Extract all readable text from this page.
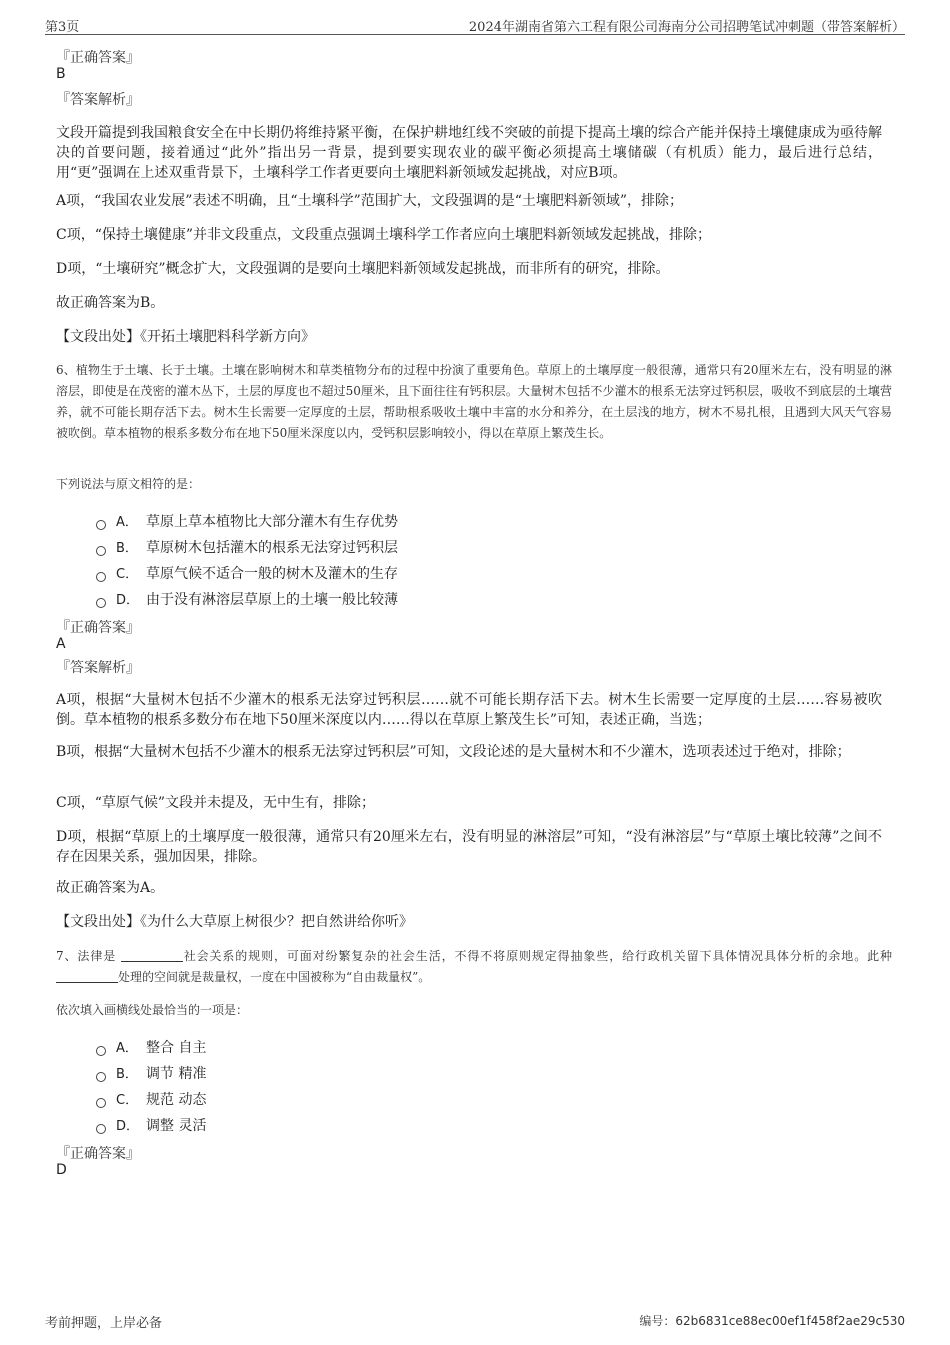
第3页	2024年湖南省第六工程有限公司海南分公司招聘笔试冲刺题（带答案解析）
『正确答案』
B
『答案解析』
文段开篇提到我国粮食安全在中长期仍将维持紧平衡，在保护耕地红线不突破的前提下提高土壤的综合产能并保持土壤健康成为亟待解决的首要问题，接着通过“此外”指出另一背景，提到要实现农业的碳平衡必须提高土壤储碳（有机质）能力，最后进行总结，用“更”强调在上述双重背景下，土壤科学工作者更要向土壤肥料新领域发起挑战，对应B项。
A项，“我国农业发展”表述不明确，且“土壤科学”范围扩大，文段强调的是“土壤肥料新领域”，排除；
C项，“保持土壤健康”并非文段重点，文段重点强调土壤科学工作者应向土壤肥料新领域发起挑战，排除；
D项，“土壤研究”概念扩大，文段强调的是要向土壤肥料新领域发起挑战，而非所有的研究，排除。
故正确答案为B。
【文段出处】《开拓土壤肥料科学新方向》
6、植物生于土壤、长于土壤。土壤在影响树木和草类植物分布的过程中扮演了重要角色。草原上的土壤厚度一般很薄，通常只有20厘米左右，没有明显的淋溶层，即使是在茂密的灌木丛下，土层的厚度也不超过50厘米，且下面往往有钙积层。大量树木包括不少灌木的根系无法穿过钙积层，吸收不到底层的土壤营养，就不可能长期存活下去。树木生长需要一定厚度的土层，帮助根系吸收土壤中丰富的水分和养分，在土层浅的地方，树木不易扎根，且遇到大风天气容易被吹倒。草本植物的根系多数分布在地下50厘米深度以内，受钙积层影响较小，得以在草原上繁茂生长。
下列说法与原文相符的是：
A． 草原上草本植物比大部分灌木有生存优势
B． 草原树木包括灌木的根系无法穿过钙积层
C． 草原气候不适合一般的树木及灌木的生存
D． 由于没有淋溶层草原上的土壤一般比较薄
『正确答案』
A
『答案解析』
A项，根据“大量树木包括不少灌木的根系无法穿过钙积层……就不可能长期存活下去。树木生长需要一定厚度的土层……容易被吹倒。草本植物的根系多数分布在地下50厘米深度以内……得以在草原上繁茂生长”可知，表述正确，当选；
B项，根据“大量树木包括不少灌木的根系无法穿过钙积层”可知，文段论述的是大量树木和不少灌木，选项表述过于绝对，排除；
C项，“草原气候”文段并未提及，无中生有，排除；
D项，根据“草原上的土壤厚度一般很薄，通常只有20厘米左右，没有明显的淋溶层”可知，“没有淋溶层”与“草原土壤比较薄”之间不存在因果关系，强加因果，排除。
故正确答案为A。
【文段出处】《为什么大草原上树很少？把自然讲给你听》
7、法律是	社会关系的规则，可面对纷繁复杂的社会生活，不得不将原则规定得抽象些，给行政机关留下具体情况具体分析的余地。此种 处理的空间就是裁量权，一度在中国被称为“自由裁量权”。
依次填入画横线处最恰当的一项是：
A． 整合 自主
B． 调节 精准
C． 规范 动态
D． 调整 灵活
『正确答案』
D
考前押题，上岸必备	编号：62b6831ce88ec00ef1f458f2ae29c530
